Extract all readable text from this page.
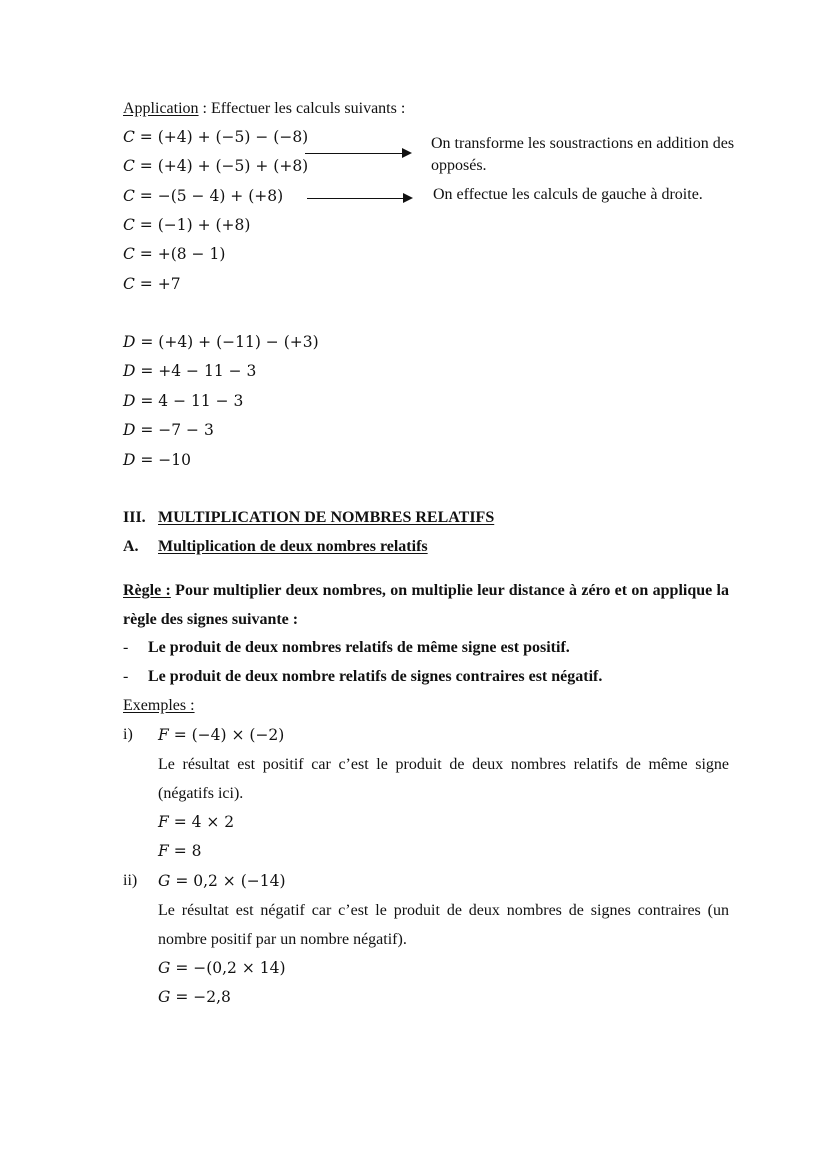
Application : Effectuer les calculs suivants :
C = (+4) + (−5) − (−8)
C = (+4) + (−5) + (+8)
C = −(5 − 4) + (+8)
C = (−1) + (+8)
C = +(8 − 1)
C = +7
On transforme les soustractions en addition des
opposés.
On effectue les calculs de gauche à droite.
D = (+4) + (−11) − (+3)
D = +4 − 11 − 3
D = 4 − 11 − 3
D = −7 − 3
D = −10
III. MULTIPLICATION DE NOMBRES RELATIFS
A. Multiplication de deux nombres relatifs
Règle : Pour multiplier deux nombres, on multiplie leur distance à zéro et on applique la règle des signes suivante :
- Le produit de deux nombres relatifs de même signe est positif.
- Le produit de deux nombre relatifs de signes contraires est négatif.
Exemples :
i) F = (−4) × (−2)
Le résultat est positif car c’est le produit de deux nombres relatifs de même signe (négatifs ici).
F = 4 × 2
F = 8
ii) G = 0,2 × (−14)
Le résultat est négatif car c’est le produit de deux nombres de signes contraires (un nombre positif par un nombre négatif).
G = −(0,2 × 14)
G = −2,8
